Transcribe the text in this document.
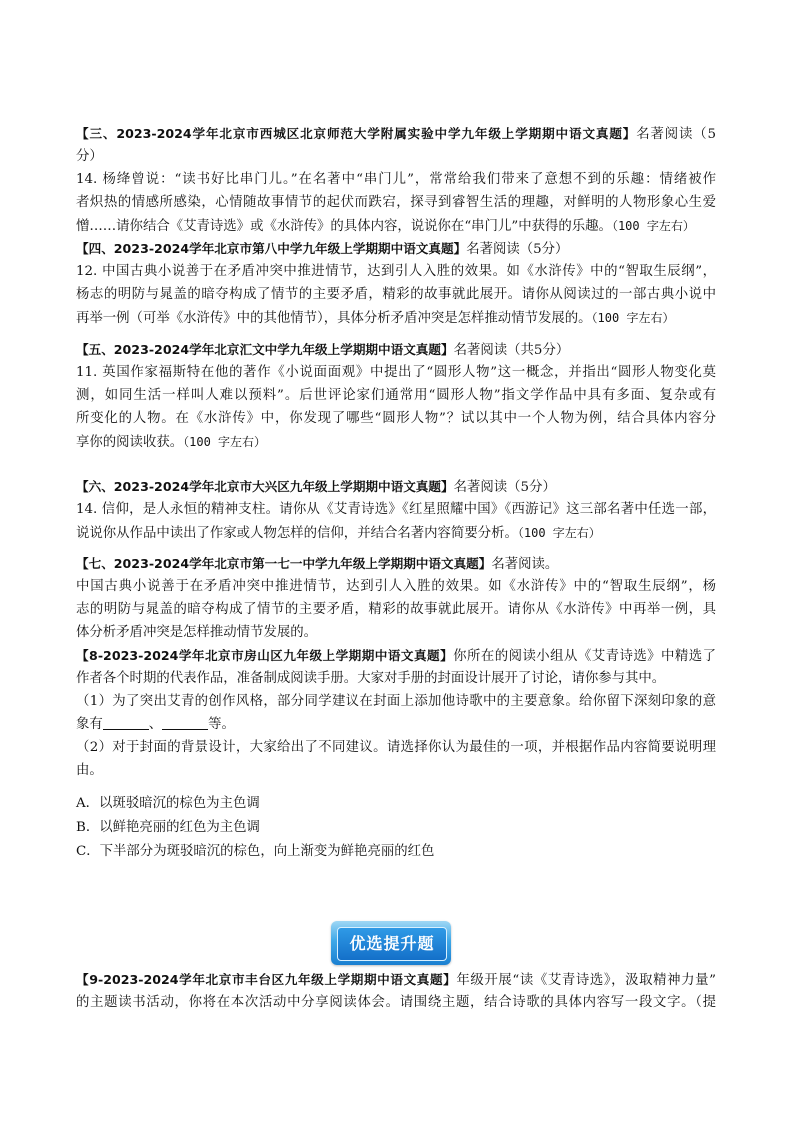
【三、2023-2024学年北京市西城区北京师范大学附属实验中学九年级上学期期中语文真题】名著阅读（5
分）
14. 杨绛曾说：“读书好比串门儿。”在名著中“串门儿”，常常给我们带来了意想不到的乐趣：情绪被作
者炽热的情感所感染，心情随故事情节的起伏而跌宕，探寻到睿智生活的理趣，对鲜明的人物形象心生爱
憎……请你结合《艾青诗选》或《水浒传》的具体内容，说说你在“串门儿”中获得的乐趣。（100 字左右）
【四、2023-2024学年北京市第八中学九年级上学期期中语文真题】名著阅读（5分）
12. 中国古典小说善于在矛盾冲突中推进情节，达到引人入胜的效果。如《水浒传》中的“智取生辰纲”，
杨志的明防与晁盖的暗夺构成了情节的主要矛盾，精彩的故事就此展开。请你从阅读过的一部古典小说中
再举一例（可举《水浒传》中的其他情节），具体分析矛盾冲突是怎样推动情节发展的。（100 字左右）
【五、2023-2024学年北京汇文中学九年级上学期期中语文真题】名著阅读（共5分）
11. 英国作家福斯特在他的著作《小说面面观》中提出了“圆形人物”这一概念，并指出“圆形人物变化莫
测，如同生活一样叫人难以预料”。后世评论家们通常用“圆形人物”指文学作品中具有多面、复杂或有
所变化的人物。在《水浒传》中，你发现了哪些“圆形人物”？试以其中一个人物为例，结合具体内容分
享你的阅读收获。（100 字左右）
【六、2023-2024学年北京市大兴区九年级上学期期中语文真题】名著阅读（5分）
14. 信仰，是人永恒的精神支柱。请你从《艾青诗选》《红星照耀中国》《西游记》这三部名著中任选一部，
说说你从作品中读出了作家或人物怎样的信仰，并结合名著内容简要分析。（100 字左右）
【七、2023-2024学年北京市第一七一中学九年级上学期期中语文真题】名著阅读。
中国古典小说善于在矛盾冲突中推进情节，达到引人入胜的效果。如《水浒传》中的“智取生辰纲”，杨
志的明防与晁盖的暗夺构成了情节的主要矛盾，精彩的故事就此展开。请你从《水浒传》中再举一例，具
体分析矛盾冲突是怎样推动情节发展的。
【8-2023-2024学年北京市房山区九年级上学期期中语文真题】你所在的阅读小组从《艾青诗选》中精选了
作者各个时期的代表作品，准备制成阅读手册。大家对手册的封面设计展开了讨论，请你参与其中。
（1）为了突出艾青的创作风格，部分同学建议在封面上添加他诗歌中的主要意象。给你留下深刻印象的意
象有	、	等。
（2）对于封面的背景设计，大家给出了不同建议。请选择你认为最佳的一项，并根据作品内容简要说明理
由。
A．以斑驳暗沉的棕色为主色调
B．以鲜艳亮丽的红色为主色调
C．下半部分为斑驳暗沉的棕色，向上渐变为鲜艳亮丽的红色
【9-2023-2024学年北京市丰台区九年级上学期期中语文真题】年级开展“读《艾青诗选》，汲取精神力量”
的主题读书活动，你将在本次活动中分享阅读体会。请围绕主题，结合诗歌的具体内容写一段文字。（提
优选提升题
